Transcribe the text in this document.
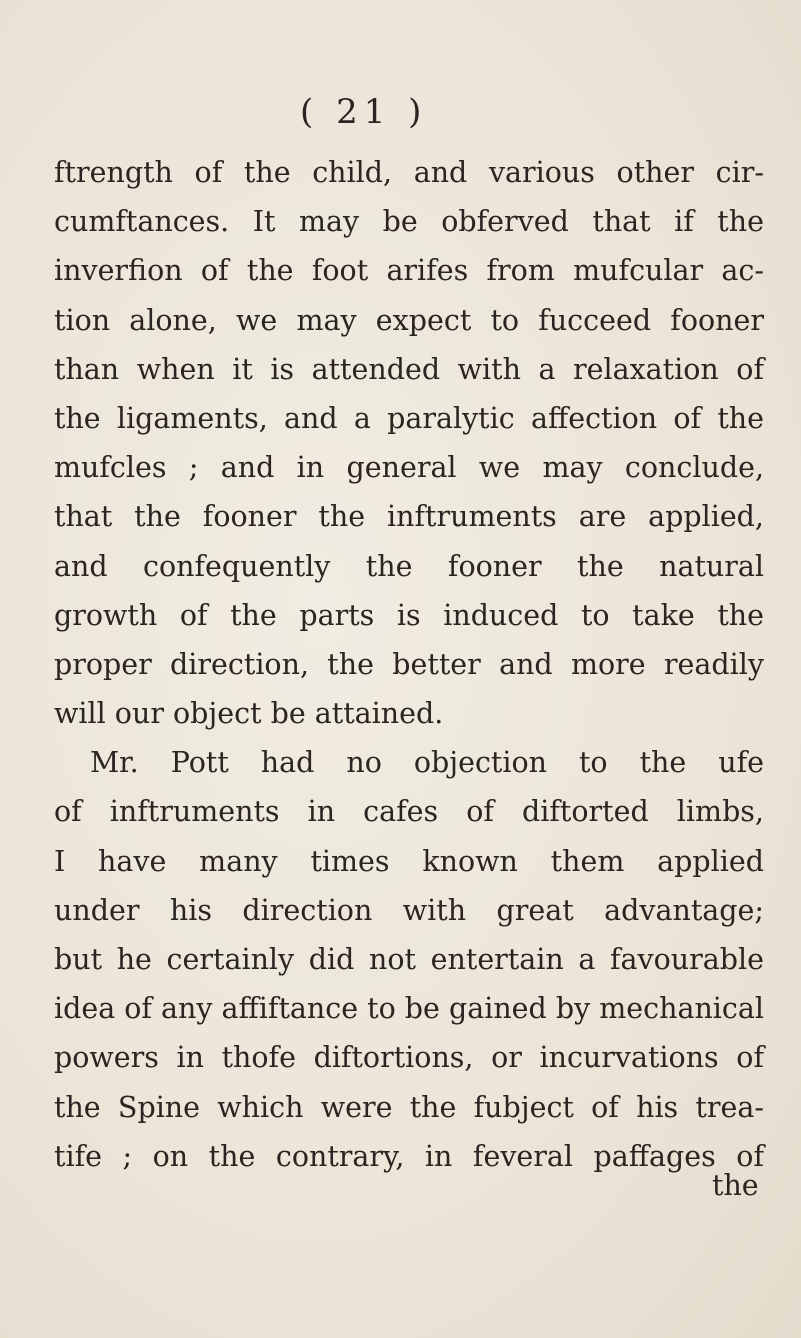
( 21 )
ftrength of the child, and various other cir-
cumftances. It may be obferved that if the
inverfion of the foot arifes from mufcular ac-
tion alone, we may expect to fucceed fooner
than when it is attended with a relaxation of
the ligaments, and a paralytic affection of the
mufcles ; and in general we may conclude,
that the fooner the inftruments are applied,
and confequently the fooner the natural
growth of the parts is induced to take the
proper direction, the better and more readily
will our object be attained.
Mr. Pott had no objection to the ufe
of inftruments in cafes of diftorted limbs,
I have many times known them applied
under his direction with great advantage;
but he certainly did not entertain a favourable
idea of any affiftance to be gained by mechanical
powers in thofe diftortions, or incurvations of
the Spine which were the fubject of his trea-
tife ; on the contrary, in feveral paffages of
the
